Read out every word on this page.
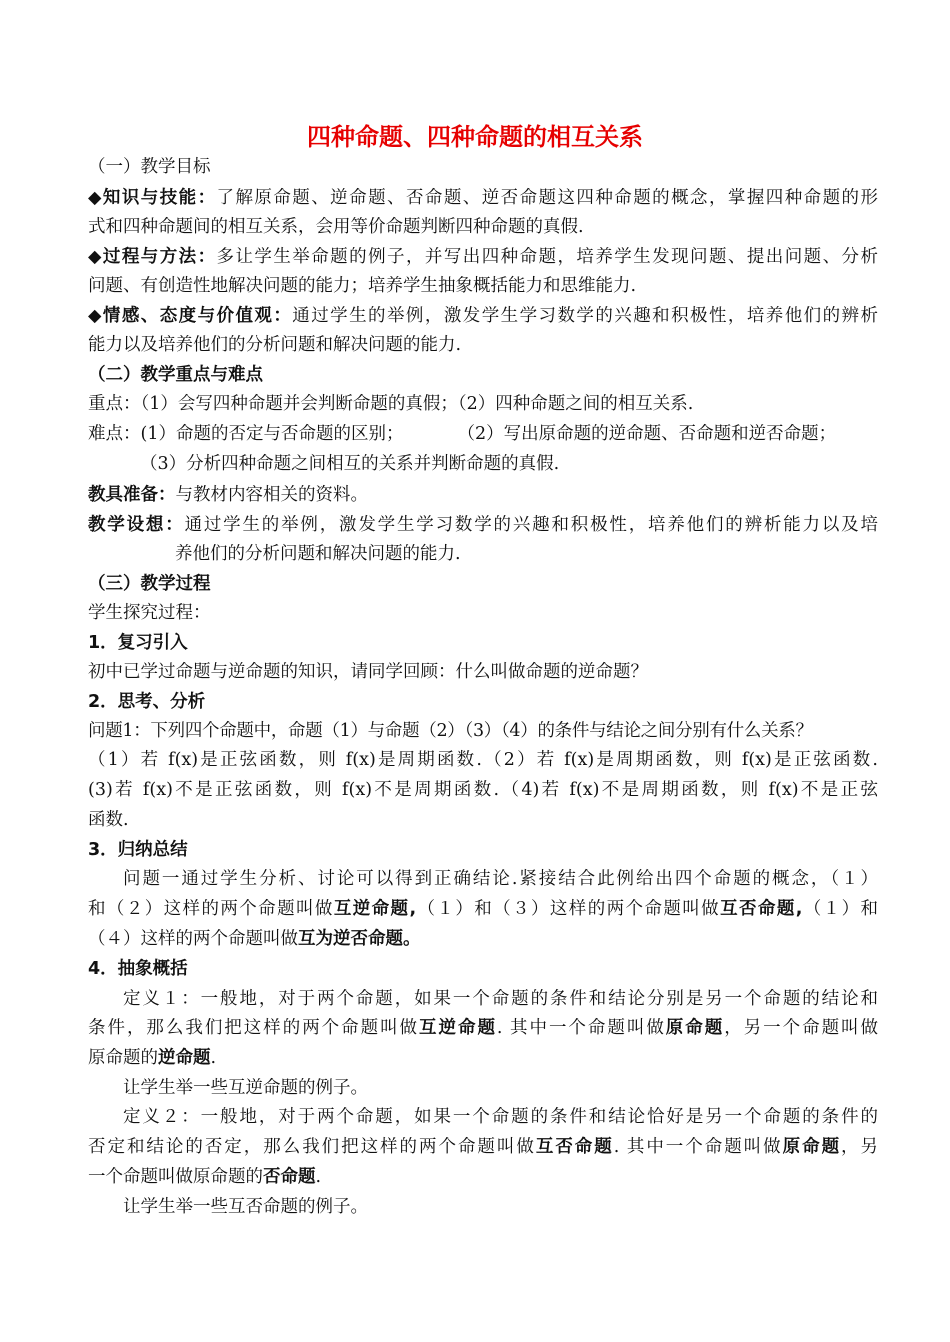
四种命题、四种命题的相互关系
（一）教学目标
◆知识与技能：了解原命题、逆命题、否命题、逆否命题这四种命题的概念，掌握四种命题的形
式和四种命题间的相互关系，会用等价命题判断四种命题的真假.
◆过程与方法：多让学生举命题的例子，并写出四种命题，培养学生发现问题、提出问题、分析
问题、有创造性地解决问题的能力；培养学生抽象概括能力和思维能力.
◆情感、态度与价值观：通过学生的举例，激发学生学习数学的兴趣和积极性，培养他们的辨析
能力以及培养他们的分析问题和解决问题的能力.
（二）教学重点与难点
重点：（1）会写四种命题并会判断命题的真假；（2）四种命题之间的相互关系.
难点：(1）命题的否定与否命题的区别；	（2）写出原命题的逆命题、否命题和逆否命题；
（3）分析四种命题之间相互的关系并判断命题的真假.
教具准备：与教材内容相关的资料。
教学设想：通过学生的举例，激发学生学习数学的兴趣和积极性，培养他们的辨析能力以及培
养他们的分析问题和解决问题的能力.
（三）教学过程
学生探究过程：
1．复习引入
初中已学过命题与逆命题的知识，请同学回顾：什么叫做命题的逆命题？
2．思考、分析
问题1：下列四个命题中，命题（1）与命题（2）（3）（4）的条件与结论之间分别有什么关系？
（1）若 f(x)是正弦函数，则 f(x)是周期函数.（2）若 f(x)是周期函数，则 f(x)是正弦函数.
(3)若 f(x)不是正弦函数，则 f(x)不是周期函数.（4)若 f(x)不是周期函数，则 f(x)不是正弦
函数.
3．归纳总结
问题一通过学生分析、讨论可以得到正确结论.紧接结合此例给出四个命题的概念，（１）
和（２）这样的两个命题叫做互逆命题,（１）和（３）这样的两个命题叫做互否命题,（１）和
（４）这样的两个命题叫做互为逆否命题。
4．抽象概括
定义１：一般地，对于两个命题，如果一个命题的条件和结论分别是另一个命题的结论和
条件，那么我们把这样的两个命题叫做互逆命题. 其中一个命题叫做原命题，另一个命题叫做
原命题的逆命题.
让学生举一些互逆命题的例子。
定义２：一般地，对于两个命题，如果一个命题的条件和结论恰好是另一个命题的条件的
否定和结论的否定，那么我们把这样的两个命题叫做互否命题. 其中一个命题叫做原命题，另
一个命题叫做原命题的否命题.
让学生举一些互否命题的例子。
